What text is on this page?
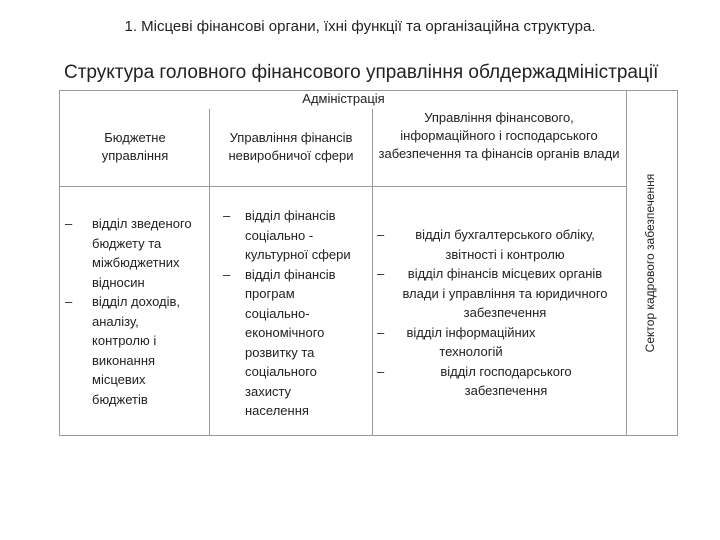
1. Місцеві фінансові органи, їхні функції та організаційна структура.
Структура головного фінансового управління облдержадміністрації
Адміністрація
Бюджетне управління
Управління фінансів невиробничої сфери
Управління фінансового, інформаційного і господарського забезпечення та фінансів органів влади
– відділ зведеного бюджету та міжбюджетних відносин
– відділ доходів, аналізу, контролю і виконання місцевих бюджетів
– відділ фінансів соціально - культурної сфери
– відділ фінансів програм соціально- економічного розвитку та соціального захисту населення
– відділ бухгалтерського обліку, звітності і контролю
– відділ фінансів місцевих органів влади і управління та юридичного забезпечення
– відділ інформаційних технологій
–	відділ господарського забезпечення
Сектор кадрового забезпечення
